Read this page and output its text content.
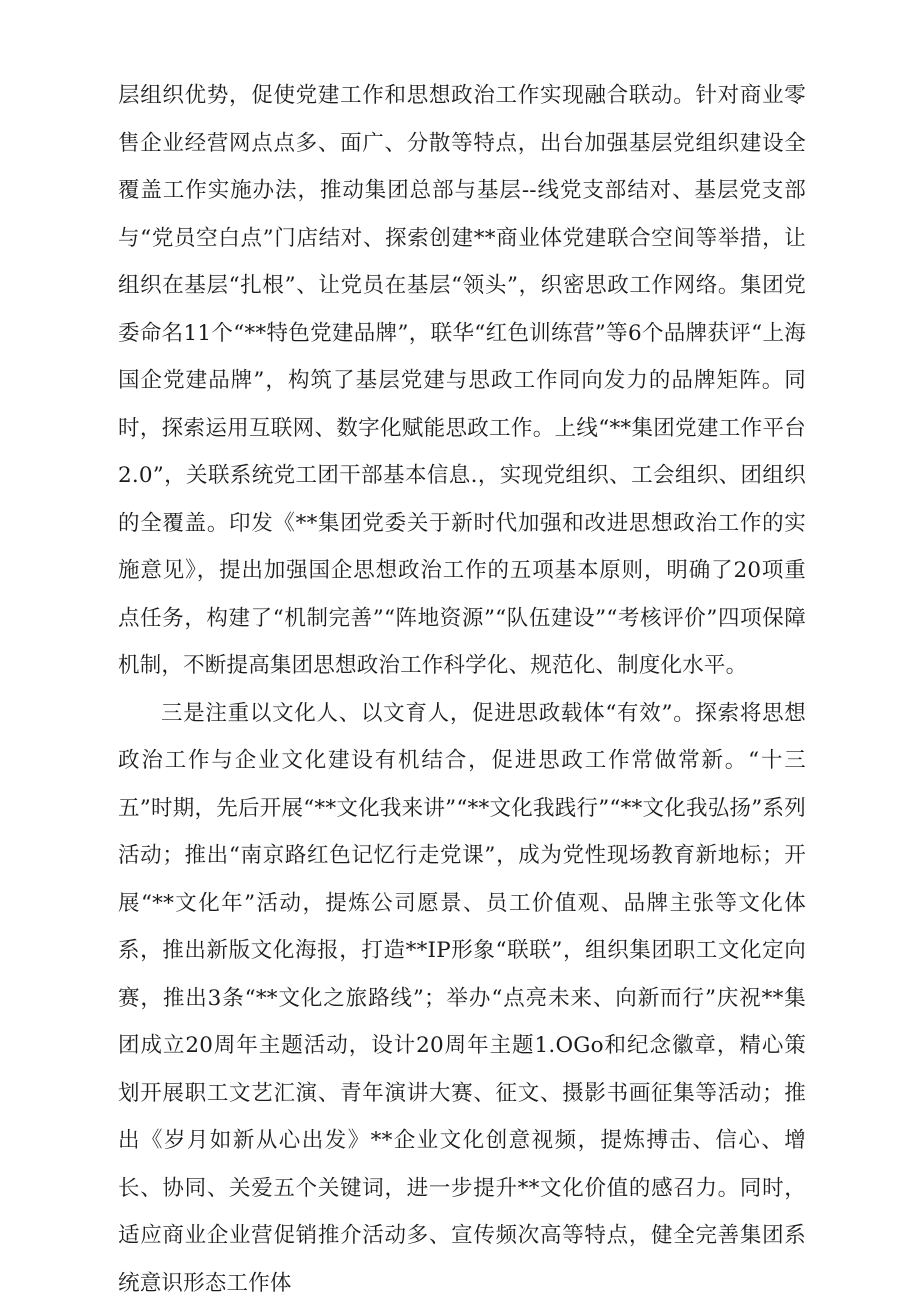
层组织优势，促使党建工作和思想政治工作实现融合联动。针对商业零售企业经营网点点多、面广、分散等特点，出台加强基层党组织建设全覆盖工作实施办法，推动集团总部与基层--线党支部结对、基层党支部与“党员空白点”门店结对、探索创建**商业体党建联合空间等举措，让组织在基层“扎根”、让党员在基层“领头”，织密思政工作网络。集团党委命名11个“**特色党建品牌”，联华“红色训练营”等6个品牌获评“上海国企党建品牌”，构筑了基层党建与思政工作同向发力的品牌矩阵。同时，探索运用互联网、数字化赋能思政工作。上线“**集团党建工作平台2.0”，关联系统党工团干部基本信息.，实现党组织、工会组织、团组织的全覆盖。印发《**集团党委关于新时代加强和改进思想政治工作的实施意见》，提出加强国企思想政治工作的五项基本原则，明确了20项重点任务，构建了“机制完善”“阵地资源”“队伍建设”“考核评价”四项保障机制，不断提高集团思想政治工作科学化、规范化、制度化水平。

三是注重以文化人、以文育人，促进思政载体“有效”。探索将思想政治工作与企业文化建设有机结合，促进思政工作常做常新。“十三五”时期，先后开展“**文化我来讲”“**文化我践行”“**文化我弘扬”系列活动；推出“南京路红色记忆行走党课”，成为党性现场教育新地标；开展“**文化年”活动，提炼公司愿景、员工价值观、品牌主张等文化体系，推出新版文化海报，打造**IP形象“联联”，组织集团职工文化定向赛，推出3条“**文化之旅路线”；举办“点亮未来、向新而行”庆祝**集团成立20周年主题活动，设计20周年主题1.OGo和纪念徽章，精心策划开展职工文艺汇演、青年演讲大赛、征文、摄影书画征集等活动；推出《岁月如新从心出发》**企业文化创意视频，提炼搏击、信心、增长、协同、关爱五个关键词，进一步提升**文化价值的感召力。同时，适应商业企业营促销推介活动多、宣传频次高等特点，健全完善集团系统意识形态工作体
